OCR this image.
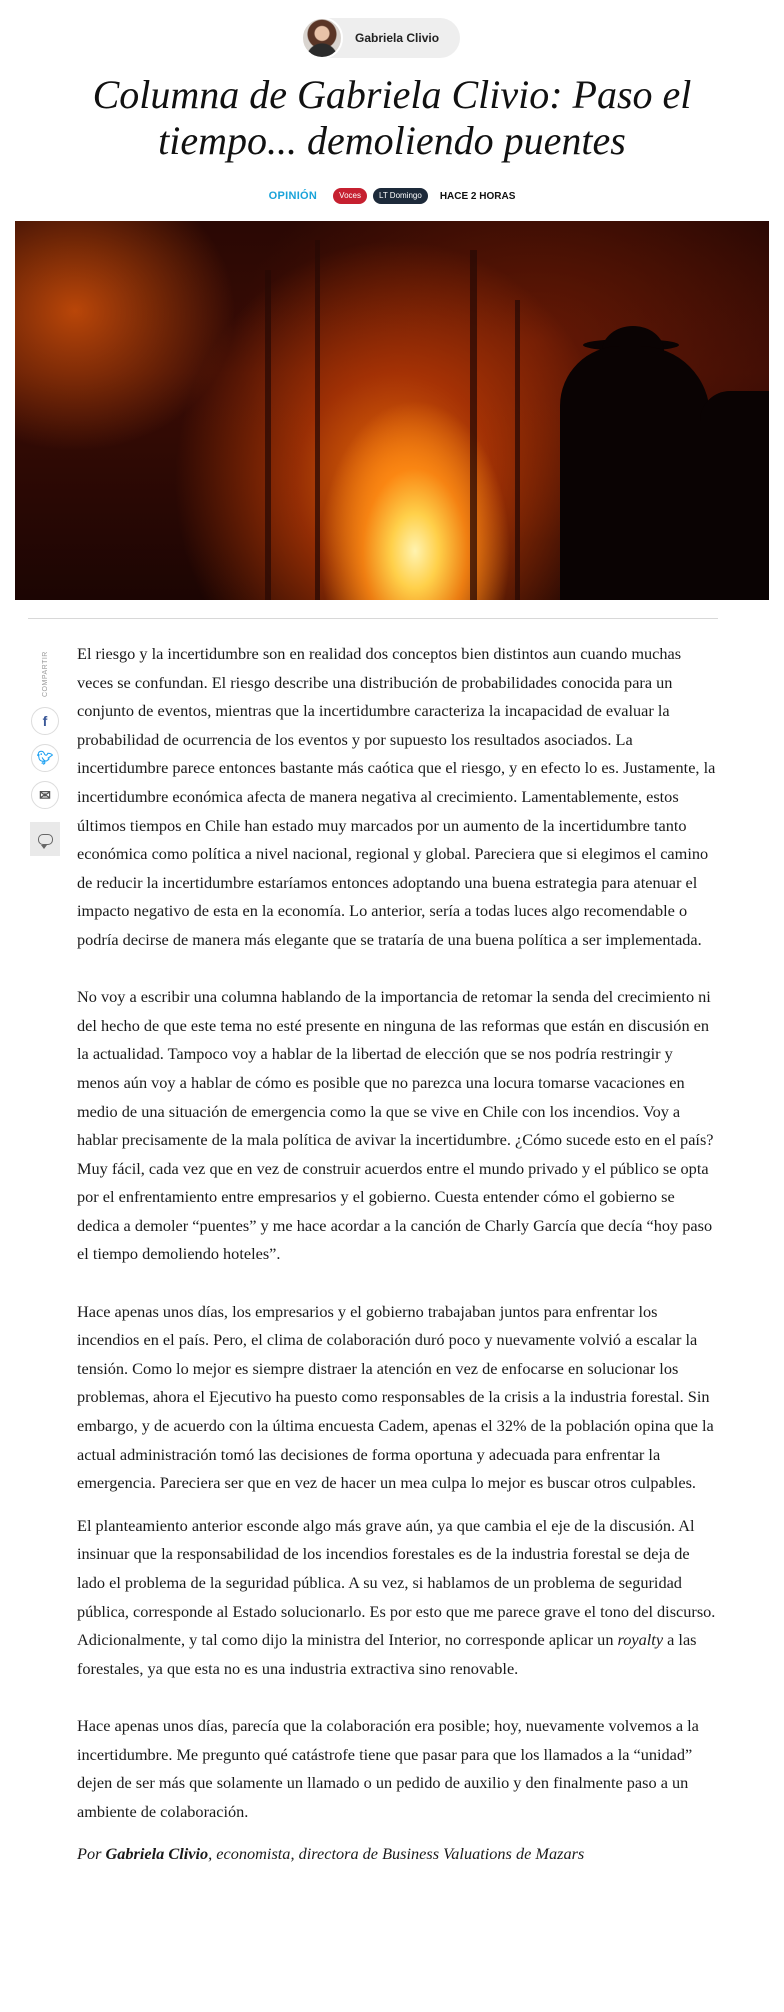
Gabriela Clivio
Columna de Gabriela Clivio: Paso el tiempo... demoliendo puentes
OPINIÓN	Voces	LT Domingo	HACE 2 HORAS
COMPARTIR
f
🐦︎
✉

El riesgo y la incertidumbre son en realidad dos conceptos bien distintos aun cuando muchas veces se confundan. El riesgo describe una distribución de probabilidades conocida para un conjunto de eventos, mientras que la incertidumbre caracteriza la incapacidad de evaluar la probabilidad de ocurrencia de los eventos y por supuesto los resultados asociados. La incertidumbre parece entonces bastante más caótica que el riesgo, y en efecto lo es. Justamente, la incertidumbre económica afecta de manera negativa al crecimiento. Lamentablemente, estos últimos tiempos en Chile han estado muy marcados por un aumento de la incertidumbre tanto económica como política a nivel nacional, regional y global. Pareciera que si elegimos el camino de reducir la incertidumbre estaríamos entonces adoptando una buena estrategia para atenuar el impacto negativo de esta en la economía. Lo anterior, sería a todas luces algo recomendable o podría decirse de manera más elegante que se trataría de una buena política a ser implementada.

No voy a escribir una columna hablando de la importancia de retomar la senda del crecimiento ni del hecho de que este tema no esté presente en ninguna de las reformas que están en discusión en la actualidad. Tampoco voy a hablar de la libertad de elección que se nos podría restringir y menos aún voy a hablar de cómo es posible que no parezca una locura tomarse vacaciones en medio de una situación de emergencia como la que se vive en Chile con los incendios. Voy a hablar precisamente de la mala política de avivar la incertidumbre. ¿Cómo sucede esto en el país? Muy fácil, cada vez que en vez de construir acuerdos entre el mundo privado y el público se opta por el enfrentamiento entre empresarios y el gobierno. Cuesta entender cómo el gobierno se dedica a demoler “puentes” y me hace acordar a la canción de Charly García que decía “hoy paso el tiempo demoliendo hoteles”.

Hace apenas unos días, los empresarios y el gobierno trabajaban juntos para enfrentar los incendios en el país. Pero, el clima de colaboración duró poco y nuevamente volvió a escalar la tensión. Como lo mejor es siempre distraer la atención en vez de enfocarse en solucionar los problemas, ahora el Ejecutivo ha puesto como responsables de la crisis a la industria forestal. Sin embargo, y de acuerdo con la última encuesta Cadem, apenas el 32% de la población opina que la actual administración tomó las decisiones de forma oportuna y adecuada para enfrentar la emergencia. Pareciera ser que en vez de hacer un mea culpa lo mejor es buscar otros culpables.

El planteamiento anterior esconde algo más grave aún, ya que cambia el eje de la discusión. Al insinuar que la responsabilidad de los incendios forestales es de la industria forestal se deja de lado el problema de la seguridad pública. A su vez, si hablamos de un problema de seguridad pública, corresponde al Estado solucionarlo. Es por esto que me parece grave el tono del discurso. Adicionalmente, y tal como dijo la ministra del Interior, no corresponde aplicar un royalty a las forestales, ya que esta no es una industria extractiva sino renovable.

Hace apenas unos días, parecía que la colaboración era posible; hoy, nuevamente volvemos a la incertidumbre. Me pregunto qué catástrofe tiene que pasar para que los llamados a la “unidad” dejen de ser más que solamente un llamado o un pedido de auxilio y den finalmente paso a un ambiente de colaboración.

Por Gabriela Clivio, economista, directora de Business Valuations de Mazars
